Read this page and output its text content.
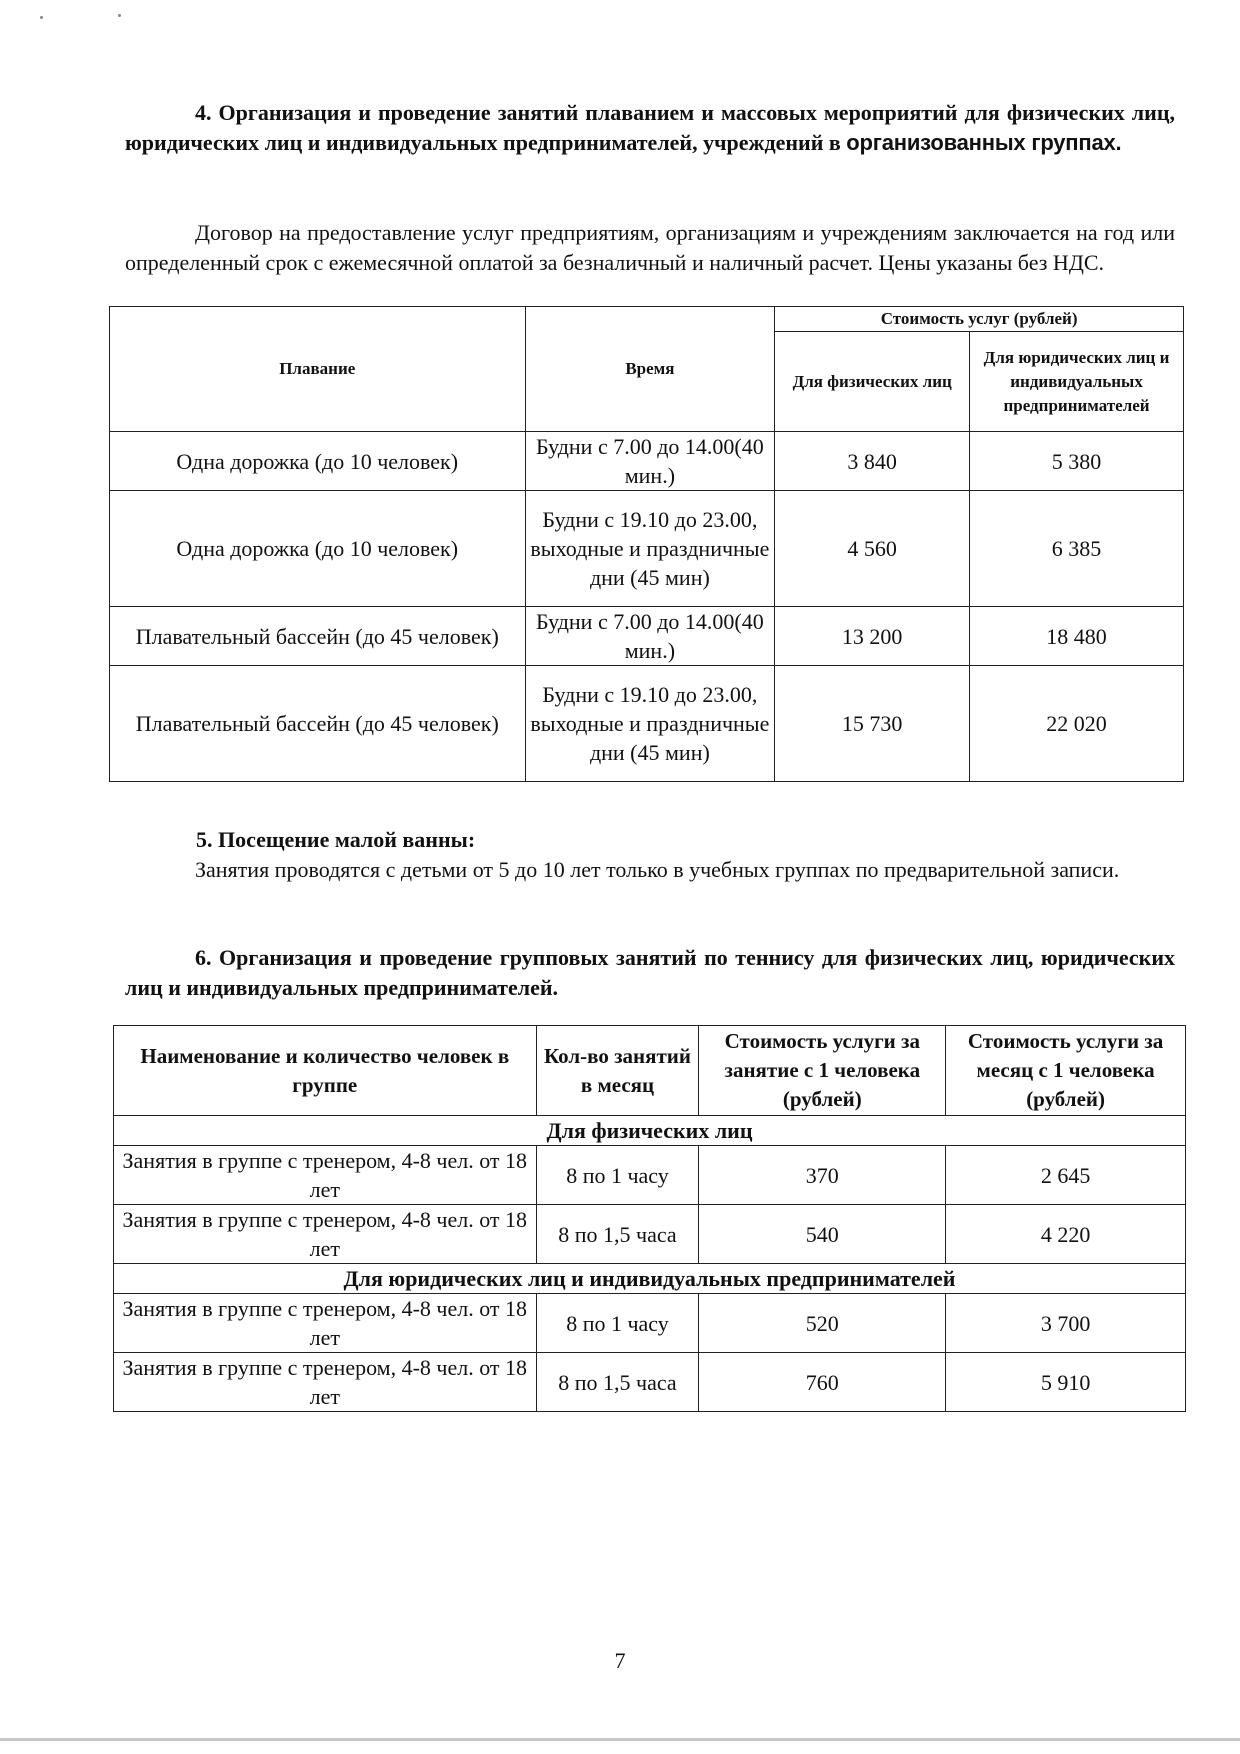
4. Организация и проведение занятий плаванием и массовых мероприятий для физических лиц, юридических лиц и индивидуальных предпринимателей, учреждений в организованных группах.
Договор на предоставление услуг предприятиям, организациям и учреждениям заключается на год или определенный срок с ежемесячной оплатой за безналичный и наличный расчет. Цены указаны без НДС.
Плавание	Время	Стоимость услуг (рублей)	
		Для физических лиц	Для юридических лиц и индивидуальных предпринимателей
Одна дорожка (до 10 человек)	Будни с 7.00 до 14.00(40 мин.)	3 840	5 380
Одна дорожка (до 10 человек)	Будни с 19.10 до 23.00, выходные и праздничные дни (45 мин)	4 560	6 385
Плавательный бассейн (до 45 человек)	Будни с 7.00 до 14.00(40 мин.)	13 200	18 480
Плавательный бассейн (до 45 человек)	Будни с 19.10 до 23.00, выходные и праздничные дни (45 мин)	15 730	22 020
5. Посещение малой ванны:
Занятия проводятся с детьми от 5 до 10 лет только в учебных группах по предварительной записи.
6. Организация и проведение групповых занятий по теннису для физических лиц, юридических лиц и индивидуальных предпринимателей.
Наименование и количество человек в группе	Кол-во занятий в месяц	Стоимость услуги за занятие с 1 человека (рублей)	Стоимость услуги за месяц с 1 человека (рублей)
Для физических лиц			
Занятия в группе с тренером, 4-8 чел. от 18 лет	8 по 1 часу	370	2 645
Занятия в группе с тренером, 4-8 чел. от 18 лет	8 по 1,5 часа	540	4 220
Для юридических лиц и индивидуальных предпринимателей			
Занятия в группе с тренером, 4-8 чел. от 18 лет	8 по 1 часу	520	3 700
Занятия в группе с тренером, 4-8 чел. от 18 лет	8 по 1,5 часа	760	5 910
7
